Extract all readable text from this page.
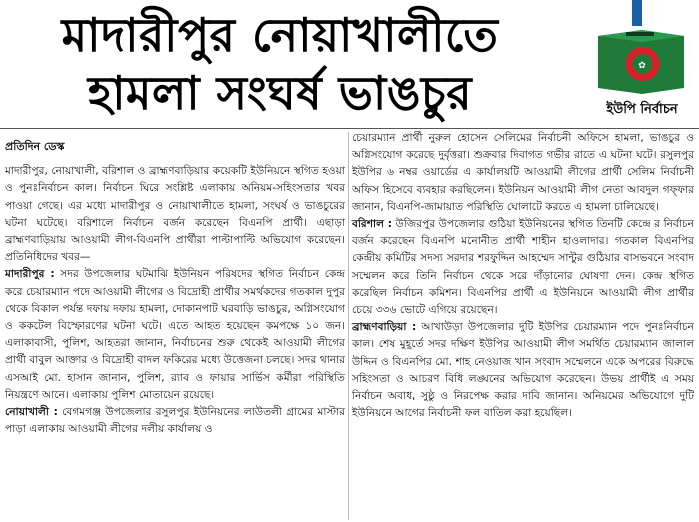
মাদারীপুর নোয়াখালীতে
হামলা সংঘর্ষ ভাঙচুর	✿
ইউপি নির্বাচন

প্রতিদিন ডেস্ক

মাদারীপুর, নোয়াখালী, বরিশাল ও ব্রাহ্মণবাড়িয়ার কয়েকটি ইউনিয়নে স্থগিত হওয়া ও পুনঃনির্বাচন কাল। নির্বাচন ঘিরে সংশ্লিষ্ট এলাকায় অনিয়ম-সহিংসতার খবর পাওয়া গেছে। এর মধ্যে মাদারীপুর ও নোয়াখালীতে হামলা, সংঘর্ষ ও ভাঙচুরের ঘটনা ঘটেছে। বরিশালে নির্বাচন বর্জন করেছেন বিএনপি প্রার্থী। এছাড়া ব্রাহ্মণবাড়িয়ায় আওয়ামী লীগ-বিএনপি প্রার্থীরা পাল্টাপাল্টি অভিযোগ করেছেন। প্রতিনিধিদের খবর—

মাদারীপুর : সদর উপজেলার ঘটমাঝি ইউনিয়ন পরিষদের স্থগিত নির্বাচন কেন্দ্র করে চেয়ারম্যান পদে আওয়ামী লীগের ও বিদ্রোহী প্রার্থীর সমর্থকদের গতকাল দুপুর থেকে বিকাল পর্যন্ত দফায় দফায় হামলা, দোকানপাট ঘরবাড়ি ভাঙচুর, অগ্নিসংযোগ ও ককটেল বিস্ফোরণের ঘটনা ঘটে। এতে আহত হয়েছেন কমপক্ষে ১০ জন। এলাকাবাসী, পুলিশ, আহতরা জানান, নির্বাচনের শুরু থেকেই আওয়ামী লীগের প্রার্থী বাবুল আক্তার ও বিদ্রোহী বাদল ফকিরের মধ্যে উত্তেজনা চলছে। সদর থানার এসআই মো. হাসান জানান, পুলিশ, র‌্যাব ও ফায়ার সার্ভিস কর্মীরা পরিস্থিতি নিয়ন্ত্রণে আনে। এলাকায় পুলিশ মোতায়েন রয়েছে।

নোয়াখালী : বেগমগঞ্জ উপজেলার রসুলপুর ইউনিয়নের লাউতলী গ্রামের মাস্টার পাড়া এলাকায় আওয়ামী লীগের দলীয় কার্যালয় ও

চেয়ারম্যান প্রার্থী নুরুল হোসেন সেলিমের নির্বাচনী অফিসে হামলা, ভাঙচুর ও অগ্নিসংযোগ করেছে দুর্বৃত্তরা। শুক্রবার দিবাগত গভীর রাতে এ ঘটনা ঘটে। রসুলপুর ইউপির ৬ নম্বর ওয়ার্ডের এ কার্যালয়টি আওয়ামী লীগের প্রার্থী সেলিম নির্বাচনী অফিস হিসেবে ব্যবহার করছিলেন। ইউনিয়ন আওয়ামী লীগ নেতা আবদুল গফ্‌ফার জানান, বিএনপি-জামায়াত পরিস্থিতি ঘোলাটে করতে এ হামলা চালিয়েছে।

বরিশাল : উজিরপুর উপজেলার গুঠিয়া ইউনিয়নের স্থগিত তিনটি কেন্দ্রে র নির্বাচন বর্জন করেছেন বিএনপি মনোনীত প্রার্থী শাহীন হাওলাদার। গতকাল বিএনপির কেন্দ্রীয় কমিটির সদস্য সরদার শরফুদ্দিন আহম্মেদ সান্টুর গুঠিয়ার বাসভবনে সংবাদ সম্মেলন করে তিনি নির্বাচন থেকে সরে দাঁড়ানোর ঘোষণা দেন। কেন্দ্র স্থগিত করেছিল নির্বাচন কমিশন। বিএনপির প্রার্থী এ ইউনিয়নে আওয়ামী লীগ প্রার্থীর চেয়ে ৩৩৬ ভোটে এগিয়ে রয়েছেন।

ব্রাহ্মণবাড়িয়া : আখাউড়া উপজেলার দুটি ইউপির চেয়ারম্যান পদে পুনঃনির্বাচন কাল। শেষ মুহূর্তে সদর দক্ষিণ ইউপির আওয়ামী লীগ সমর্থিত চেয়ারম্যান জালাল উদ্দিন ও বিএনপির মো. শাহ নেওয়াজ খান সংবাদ সম্মেলনে একে অপরের বিরুদ্ধে সহিংসতা ও আচরণ বিধি লঙ্ঘনের অভিযোগ করেছেন। উভয় প্রার্থীই এ সময় নির্বাচন অবাধ, সুষ্ঠু ও নিরপেক্ষ করার দাবি জানান। অনিয়মের অভিযোগে দুটি ইউনিয়নে আগের নির্বাচনী ফল বাতিল করা হয়েছিল।
